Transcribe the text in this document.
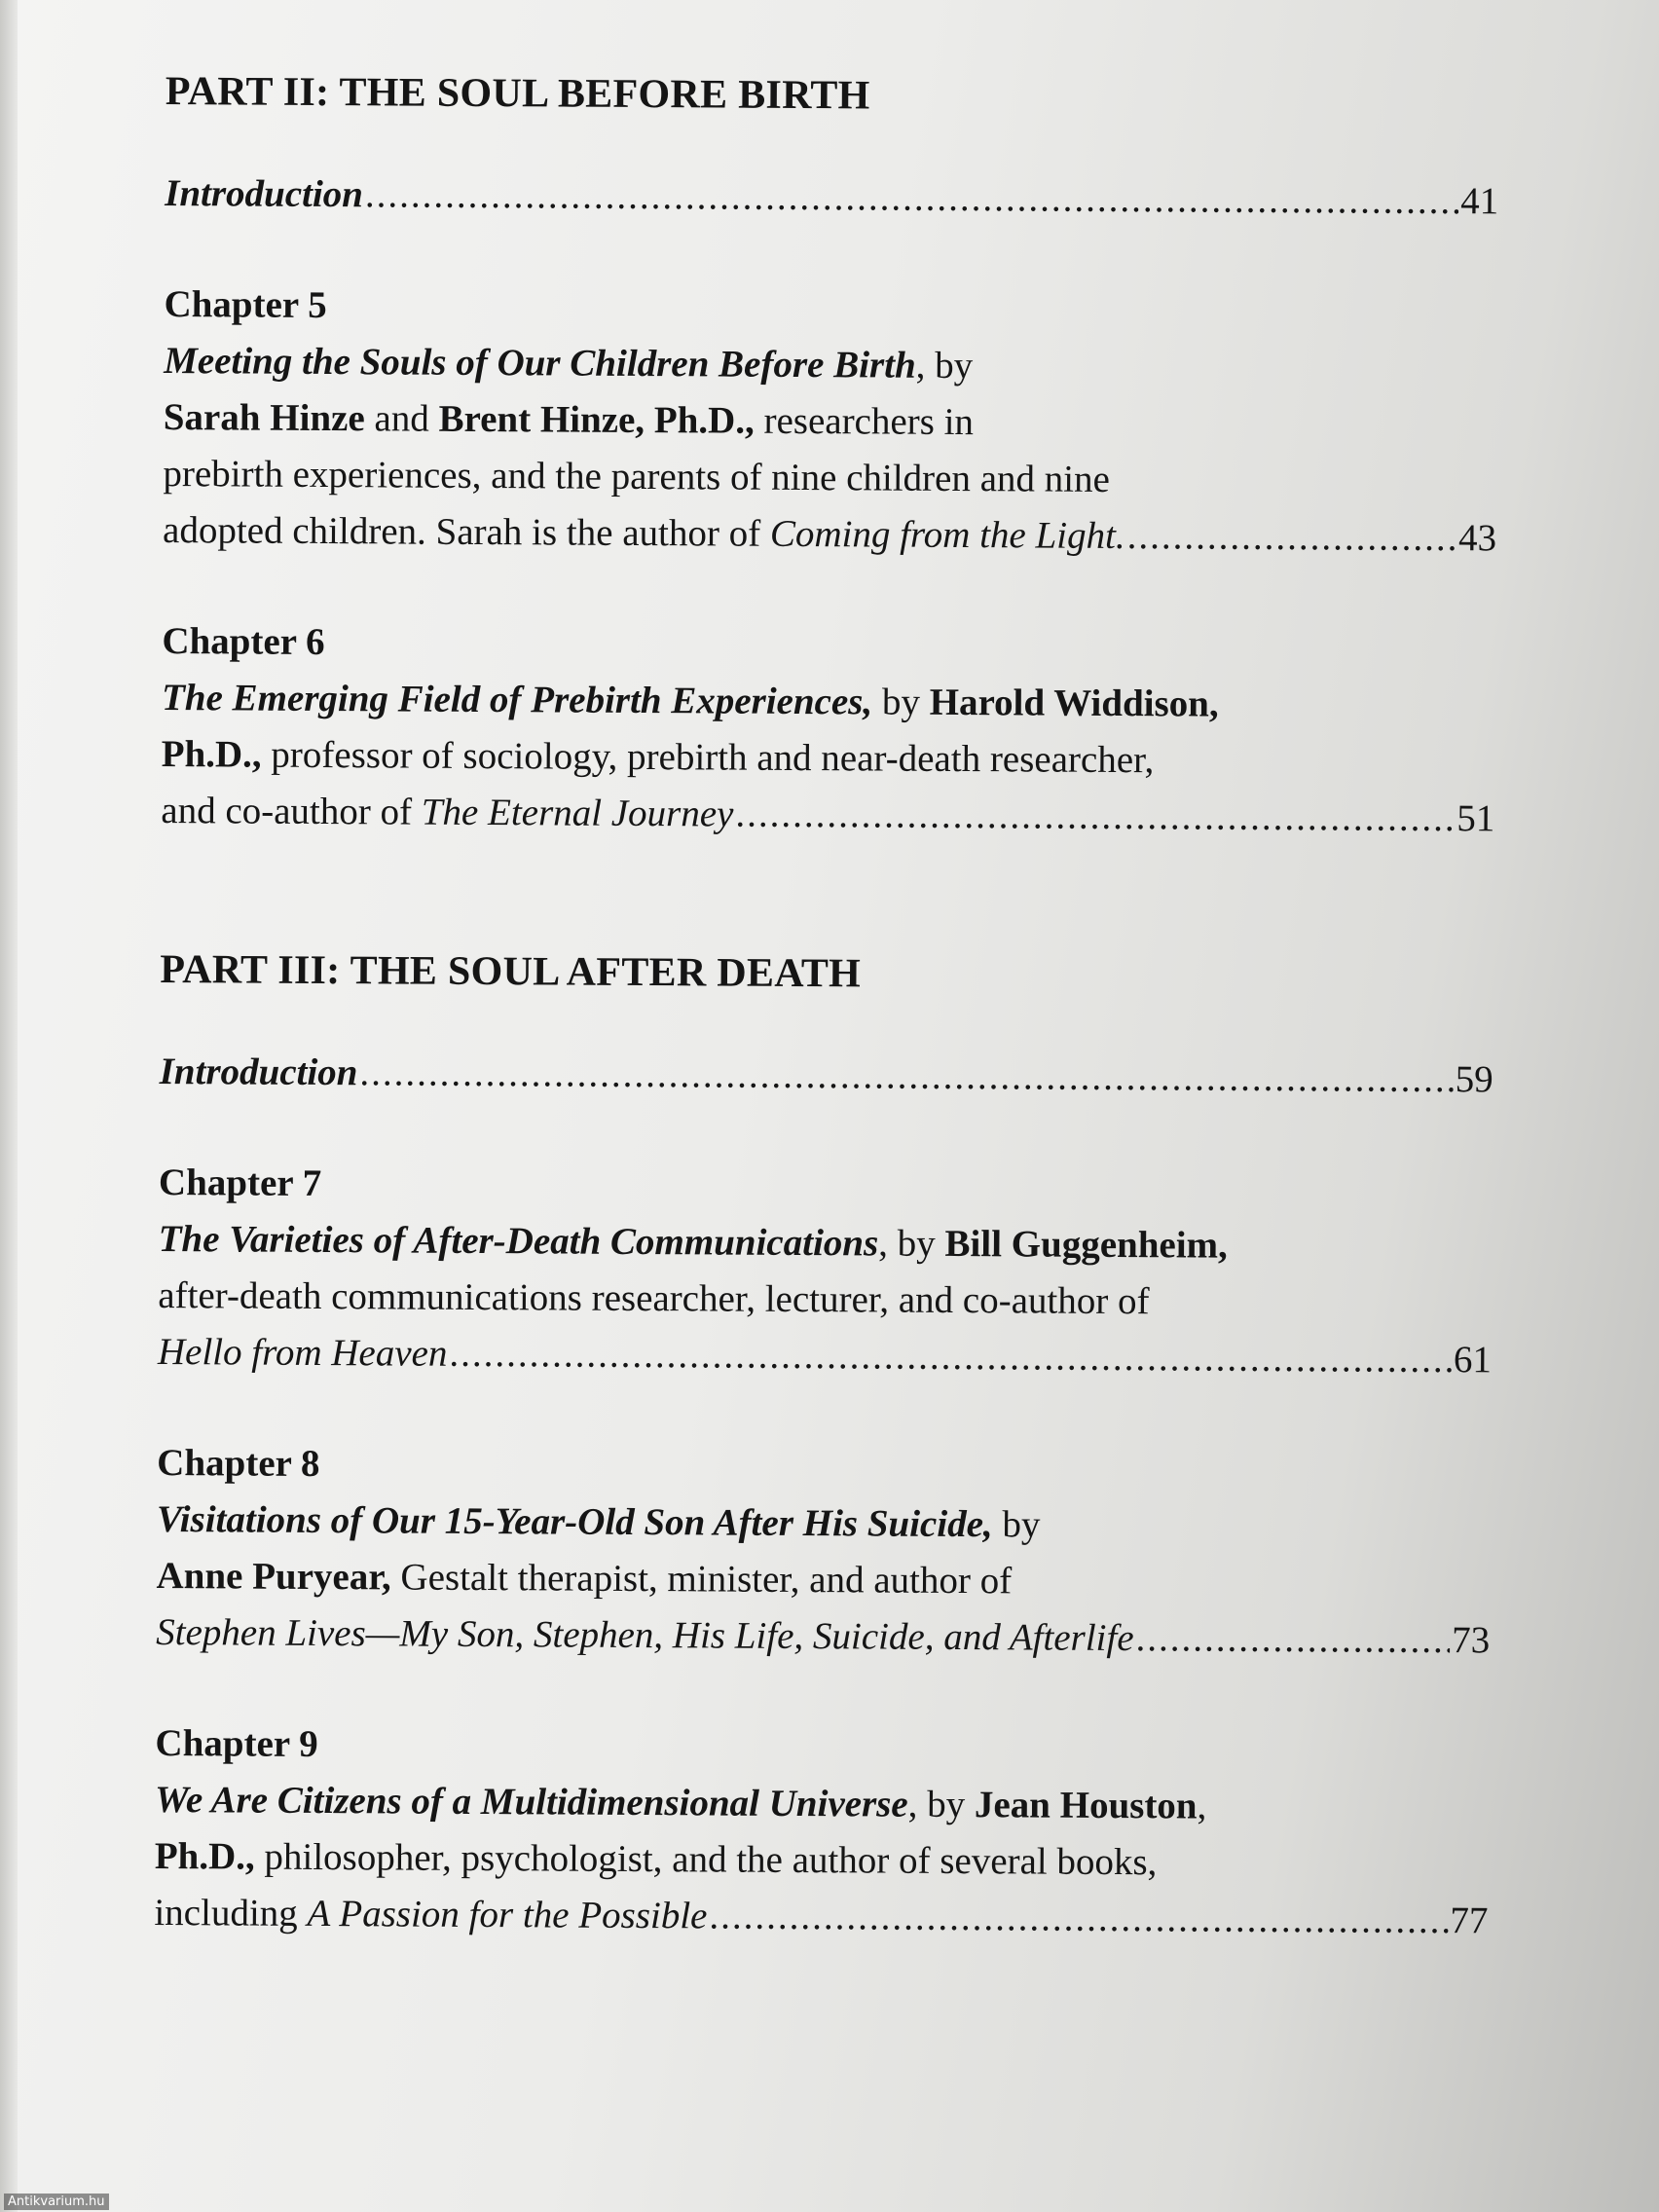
PART II: THE SOUL BEFORE BIRTH
Introduction .....	41
Chapter 5
Meeting the Souls of Our Children Before Birth, by
Sarah Hinze and Brent Hinze, Ph.D., researchers in
prebirth experiences, and the parents of nine children and nine
adopted children. Sarah is the author of Coming from the Light. .....	43
Chapter 6
The Emerging Field of Prebirth Experiences, by Harold Widdison,
Ph.D., professor of sociology, prebirth and near-death researcher,
and co-author of The Eternal Journey .....	51
PART III: THE SOUL AFTER DEATH
Introduction .....	59
Chapter 7
The Varieties of After-Death Communications, by Bill Guggenheim,
after-death communications researcher, lecturer, and co-author of
Hello from Heaven .....	61
Chapter 8
Visitations of Our 15-Year-Old Son After His Suicide, by
Anne Puryear, Gestalt therapist, minister, and author of
Stephen Lives—My Son, Stephen, His Life, Suicide, and Afterlife .....	73
Chapter 9
We Are Citizens of a Multidimensional Universe, by Jean Houston,
Ph.D., philosopher, psychologist, and the author of several books,
including A Passion for the Possible .....	77
Antikvarium.hu
